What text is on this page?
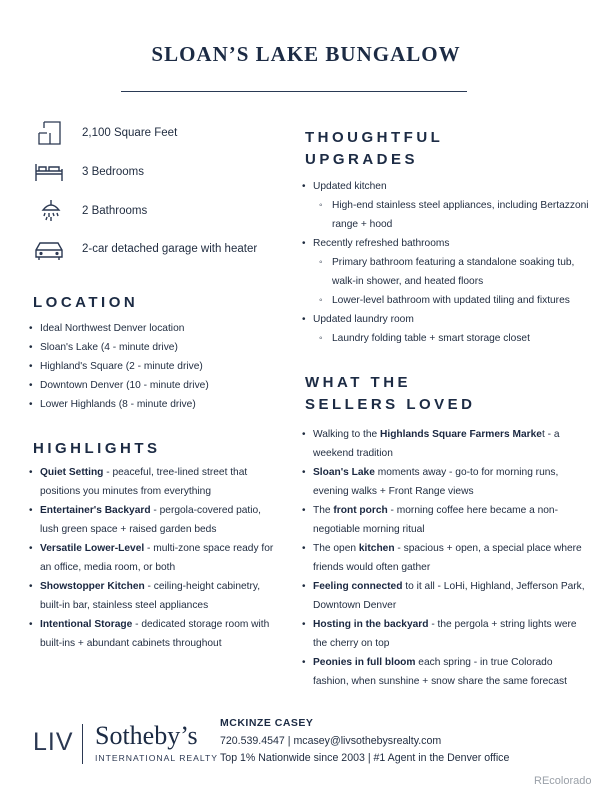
SLOAN’S LAKE BUNGALOW
2,100 Square Feet
3 Bedrooms
2 Bathrooms
2-car detached garage with heater
LOCATION
• Ideal Northwest Denver location
• Sloan's Lake (4 - minute drive)
• Highland's Square (2 - minute drive)
• Downtown Denver (10 - minute drive)
• Lower Highlands (8 - minute drive)
HIGHLIGHTS
• Quiet Setting - peaceful, tree-lined street that positions you minutes from everything
• Entertainer's Backyard - pergola-covered patio, lush green space + raised garden beds
• Versatile Lower-Level - multi-zone space ready for an office, media room, or both
• Showstopper Kitchen - ceiling-height cabinetry, built-in bar, stainless steel appliances
• Intentional Storage - dedicated storage room with built-ins + abundant cabinets throughout
THOUGHTFUL
UPGRADES
• Updated kitchen
◦ High-end stainless steel appliances, including Bertazzoni range + hood
• Recently refreshed bathrooms
◦ Primary bathroom featuring a standalone soaking tub, walk-in shower, and heated floors
◦ Lower-level bathroom with updated tiling and fixtures
• Updated laundry room
◦ Laundry folding table + smart storage closet
WHAT THE
SELLERS LOVED
• Walking to the Highlands Square Farmers Market - a weekend tradition
• Sloan's Lake moments away - go-to for morning runs, evening walks + Front Range views
• The front porch - morning coffee here became a non-negotiable morning ritual
• The open kitchen - spacious + open, a special place where friends would often gather
• Feeling connected to it all - LoHi, Highland, Jefferson Park, Downtown Denver
• Hosting in the backyard - the pergola + string lights were the cherry on top
• Peonies in full bloom each spring - in true Colorado fashion, when sunshine + snow share the same forecast
LIV Sotheby’s
INTERNATIONAL REALTY
MCKINZE CASEY
720.539.4547 | mcasey@livsothebysrealty.com
Top 1% Nationwide since 2003 | #1 Agent in the Denver office
REcolorado
